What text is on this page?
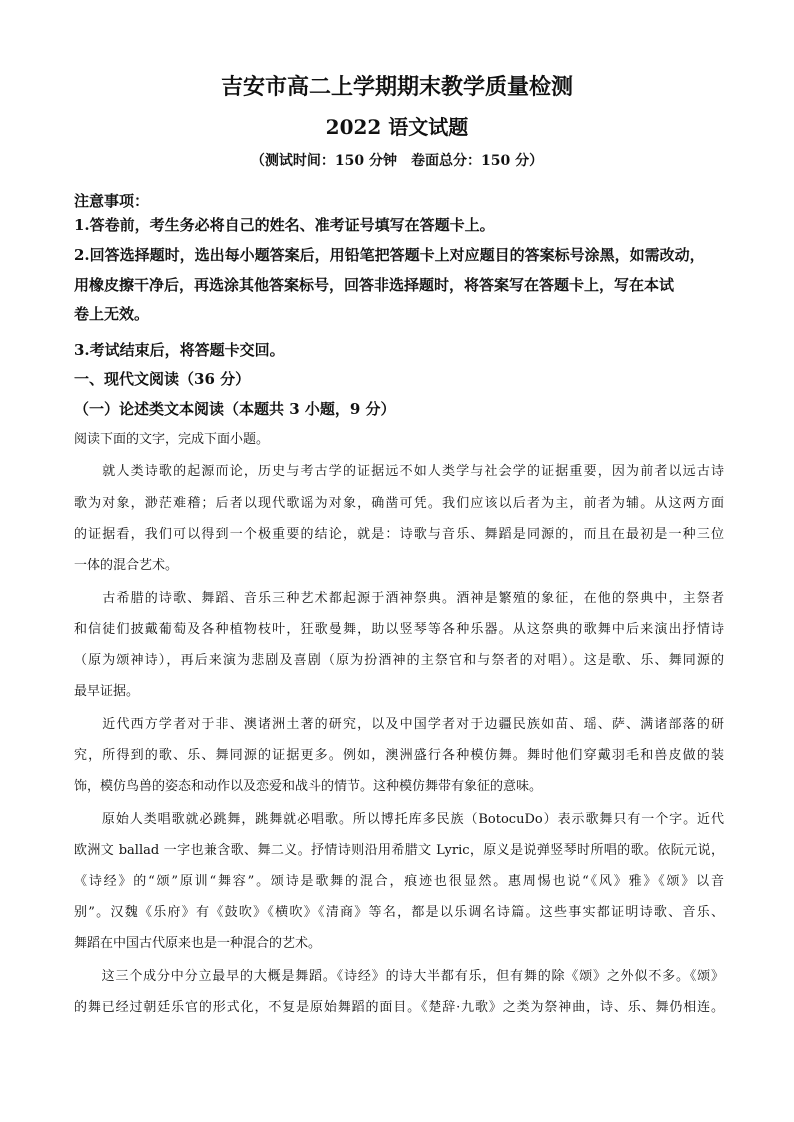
吉安市高二上学期期末教学质量检测
2022 语文试题
（测试时间：150 分钟　卷面总分：150 分）
注意事项：
1.答卷前，考生务必将自己的姓名、准考证号填写在答题卡上。
2.回答选择题时，选出每小题答案后，用铅笔把答题卡上对应题目的答案标号涂黑，如需改动，
用橡皮擦干净后，再选涂其他答案标号，回答非选择题时，将答案写在答题卡上，写在本试
卷上无效。
3.考试结束后，将答题卡交回。
一、现代文阅读（36 分）
（一）论述类文本阅读（本题共 3 小题，9 分）
阅读下面的文字，完成下面小题。
　　就人类诗歌的起源而论，历史与考古学的证据远不如人类学与社会学的证据重要，因为前者以远古诗
歌为对象，渺茫难稽；后者以现代歌谣为对象，确凿可凭。我们应该以后者为主，前者为辅。从这两方面
的证据看，我们可以得到一个极重要的结论，就是：诗歌与音乐、舞蹈是同源的，而且在最初是一种三位
一体的混合艺术。
　　古希腊的诗歌、舞蹈、音乐三种艺术都起源于酒神祭典。酒神是繁殖的象征，在他的祭典中，主祭者
和信徒们披戴葡萄及各种植物枝叶，狂歌曼舞，助以竖琴等各种乐器。从这祭典的歌舞中后来演出抒情诗
（原为颂神诗），再后来演为悲剧及喜剧（原为扮酒神的主祭官和与祭者的对唱）。这是歌、乐、舞同源的
最早证据。
　　近代西方学者对于非、澳诸洲土著的研究，以及中国学者对于边疆民族如苗、瑶、萨、满诸部落的研
究，所得到的歌、乐、舞同源的证据更多。例如，澳洲盛行各种模仿舞。舞时他们穿戴羽毛和兽皮做的装
饰，模仿鸟兽的姿态和动作以及恋爱和战斗的情节。这种模仿舞带有象征的意味。
　　原始人类唱歌就必跳舞，跳舞就必唱歌。所以博托库多民族（BotocuDo）表示歌舞只有一个字。近代
欧洲文 ballad 一字也兼含歌、舞二义。抒情诗则沿用希腊文 Lyric，原义是说弹竖琴时所唱的歌。依阮元说，
《诗经》的“颂”原训“舞容”。颂诗是歌舞的混合，痕迹也很显然。惠周惕也说“《风》雅》《颂》以音
别”。汉魏《乐府》有《鼓吹》《横吹》《清商》等名，都是以乐调名诗篇。这些事实都证明诗歌、音乐、
舞蹈在中国古代原来也是一种混合的艺术。
　　这三个成分中分立最早的大概是舞蹈。《诗经》的诗大半都有乐，但有舞的除《颂》之外似不多。《颂》
的舞已经过朝廷乐官的形式化，不复是原始舞蹈的面目。《楚辞·九歌》之类为祭神曲，诗、乐、舞仍相连。
